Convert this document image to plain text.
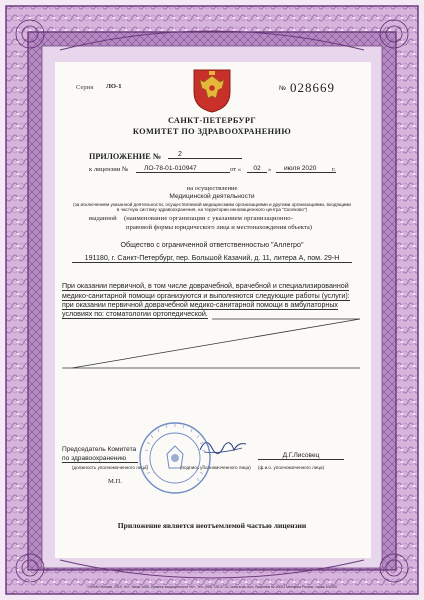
Серия ЛО-1	№ 028669
САНКТ-ПЕТЕРБУРГ
КОМИТЕТ ПО ЗДРАВООХРАНЕНИЮ
ПРИЛОЖЕНИЕ №	2
к лицензии №	ЛО-78-01-010947	от «	02	»	июля 2020	г.
на осуществление
Медицинской деятельности
(за исключением указанной деятельности, осуществляемой медицинскими организациями и другими организациями, входящими
в частную систему здравоохранения, на территории инновационного центра "Сколково")
выданной (наименование организации с указанием организационно-
правовой формы юридического лица и местонахождения объекта)
Общество с ограниченной ответственностью "Аллегро"
191180, г. Санкт-Петербург, пер. Большой Казачий, д. 11, литера А, пом. 29-Н
При оказании первичной, в том числе доврачебной, врачебной и специализированной
медико-санитарной помощи организуются и выполняются следующие работы (услуги):
при оказании первичной доврачебной медико-санитарной помощи в амбулаторных
условиях по: стоматологии ортопедической.
Председатель Комитета
по здравоохранению	Д.Г.Лисовец
(должность уполномоченного лица)	(подпись уполномоченного лица) (ф.и.о. уполномоченного лица)
М.П.
Приложение является неотъемлемой частью лицензии
«ЗНАК» Москва, 2019, «Б», Заказ 1496, Уровень защищенности «Б», Тел. (495) 726-47-42, www.znak.com, Лицензия № 00001 Минфина России, тираж 100000
